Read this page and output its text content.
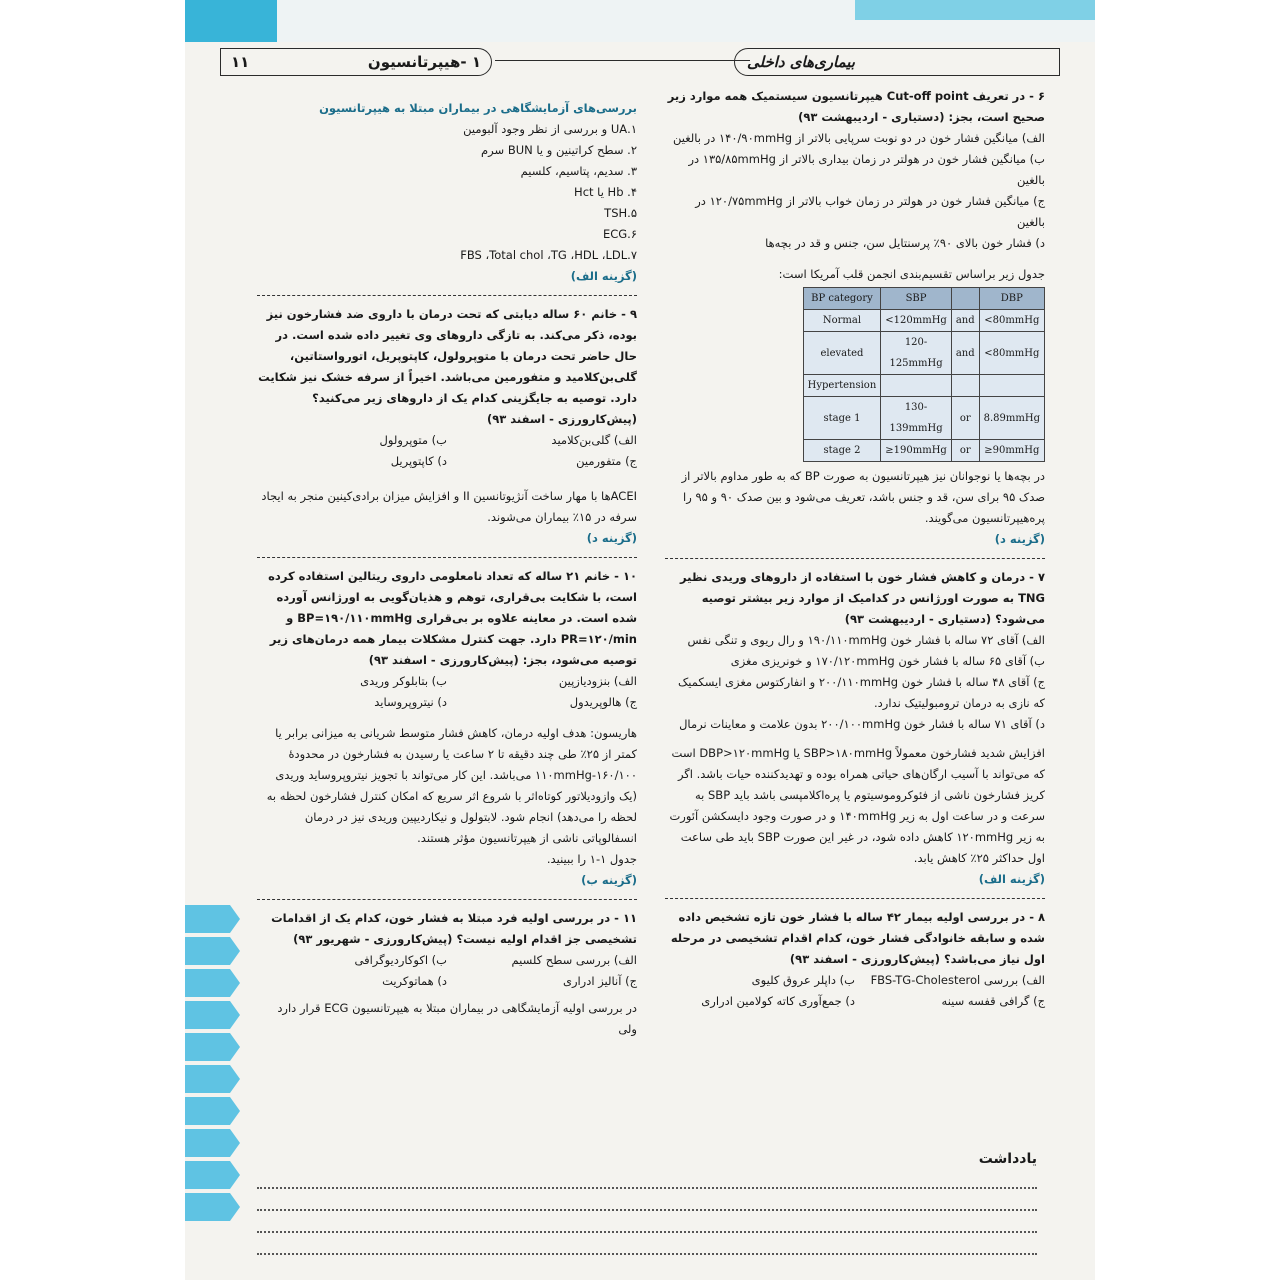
۱ -هیپرتانسیون
۱۱	بیماری‌های داخلی
۶ - در تعریف Cut-off point هیپرتانسیون سیستمیک همه موارد زیر صحیح است، بجز: (دستیاری - اردیبهشت ۹۳)
الف) میانگین فشار خون در دو نوبت سرپایی بالاتر از ۱۴۰/۹۰mmHg در بالغین
ب) میانگین فشار خون در هولتر در زمان بیداری بالاتر از ۱۳۵/۸۵mmHg در بالغین
ج) میانگین فشار خون در هولتر در زمان خواب بالاتر از ۱۲۰/۷۵mmHg در بالغین
د) فشار خون بالای ۹۰٪ پرسنتایل سن، جنس و قد در بچه‌ها
جدول زیر براساس تقسیم‌بندی انجمن قلب آمریکا است:
BP category	SBP		DBP
Normal	<120mmHg	and	<80mmHg
elevated	120-125mmHg	and	<80mmHg
Hypertension			
stage 1	130-139mmHg	or	8.89mmHg
stage 2	≥190mmHg	or	≥90mmHg
در بچه‌ها یا نوجوانان نیز هیپرتانسیون به صورت BP که به طور مداوم بالاتر از صدک ۹۵ برای سن، قد و جنس باشد، تعریف می‌شود و بین صدک ۹۰ و ۹۵ را پره‌هیپرتانسیون می‌گویند.
(گزینه د)
۷ - درمان و کاهش فشار خون با استفاده از داروهای وریدی نظیر TNG به صورت اورژانس در کدامیک از موارد زیر بیشتر توصیه می‌شود؟ (دستیاری - اردیبهشت ۹۳)
الف) آقای ۷۲ ساله با فشار خون ۱۹۰/۱۱۰mmHg و رال ریوی و تنگی نفس
ب) آقای ۶۵ ساله با فشار خون ۱۷۰/۱۲۰mmHg و خونریزی مغزی
ج) آقای ۴۸ ساله با فشار خون ۲۰۰/۱۱۰mmHg و انفارکتوس مغزی ایسکمیک که نازی به درمان ترومبولیتیک ندارد.
د) آقای ۷۱ ساله با فشار خون ۲۰۰/۱۰۰mmHg بدون علامت و معاینات نرمال
افزایش شدید فشارخون معمولاً SBP>۱۸۰mmHg یا DBP>۱۲۰mmHg است که می‌تواند با آسیب ارگان‌های حیاتی همراه بوده و تهدیدکننده حیات باشد. اگر کریز فشارخون ناشی از فئوکروموسیتوم یا پره‌اکلامپسی باشد باید SBP به سرعت و در ساعت اول به زیر ۱۴۰mmHg و در صورت وجود دایسکشن آئورت به زیر ۱۲۰mmHg کاهش داده شود، در غیر این صورت SBP باید طی ساعت اول حداکثر ۲۵٪ کاهش یابد.
(گزینه الف)
۸ - در بررسی اولیه بیمار ۴۲ ساله با فشار خون تازه تشخیص داده شده و سابقه خانوادگی فشار خون، کدام اقدام تشخیصی در مرحله اول نیاز می‌باشد؟ (پیش‌کارورزی - اسفند ۹۳)
الف) بررسی FBS-TG-Cholesterol
ب) داپلر عروق کلیوی
ج) گرافی قفسه سینه
د) جمع‌آوری کاته کولامین ادراری
بررسی‌های آزمایشگاهی در بیماران مبتلا به هیپرتانسیون
۱.UA و بررسی از نظر وجود آلبومین
۲. سطح کراتینین و یا BUN سرم
۳. سدیم، پتاسیم، کلسیم
۴. Hb یا Hct
۵.TSH
۶.ECG
۷.FBS ،Total chol ،TG ،HDL ،LDL
(گزینه الف)
۹ - خانم ۶۰ ساله دیابتی که تحت درمان با داروی ضد فشارخون نیز بوده، ذکر می‌کند. به تازگی داروهای وی تغییر داده شده است. در حال حاضر تحت درمان با متوپرولول، کاپتوپریل، اتورواستاتین، گلی‌بن‌کلامید و متفورمین می‌باشد. اخیراً از سرفه خشک نیز شکایت دارد. توصیه به جایگزینی کدام یک از داروهای زیر می‌کنید؟ (پیش‌کارورزی - اسفند ۹۳)
الف) گلی‌بن‌کلامید
ب) متوپرولول
ج) متفورمین
د) کاپتوپریل
ACEIها با مهار ساخت آنژیوتانسین II و افزایش میزان برادی‌کینین منجر به ایجاد سرفه در ۱۵٪ بیماران می‌شوند.
(گزینه د)
۱۰ - خانم ۲۱ ساله که تعداد نامعلومی داروی ریتالین استفاده کرده است، با شکایت بی‌قراری، توهم و هذیان‌گویی به اورژانس آورده شده است. در معاینه علاوه بر بی‌قراری BP=۱۹۰/۱۱۰mmHg و PR=۱۲۰/min دارد. جهت کنترل مشکلات بیمار همه درمان‌های زیر توصیه می‌شود، بجز: (پیش‌کارورزی - اسفند ۹۳)
الف) بنزودیازپین
ب) بتابلوکر وریدی
ج) هالوپریدول
د) نیتروپروساید
هاریسون: هدف اولیه درمان، کاهش فشار متوسط شریانی به میزانی برابر یا کمتر از ۲۵٪ طی چند دقیقه تا ۲ ساعت یا رسیدن به فشارخون در محدودهٔ ۱۶۰/۱۰۰-۱۱۰mmHg می‌باشد. این کار می‌تواند با تجویز نیتروپروساید وریدی (یک وازودیلاتور کوتاه‌اثر با شروع اثر سریع که امکان کنترل فشارخون لحظه به لحظه را می‌دهد) انجام شود. لابتولول و نیکاردیپین وریدی نیز در درمان انسفالوپاتی ناشی از هیپرتانسیون مؤثر هستند.
جدول ۱-۱ را ببینید.
(گزینه ب)
۱۱ - در بررسی اولیه فرد مبتلا به فشار خون، کدام یک از اقدامات تشخیصی جز اقدام اولیه نیست؟ (پیش‌کارورزی - شهریور ۹۳)
الف) بررسی سطح کلسیم
ب) اکوکاردیوگرافی
ج) آنالیز ادراری
د) هماتوکریت
در بررسی اولیه آزمایشگاهی در بیماران مبتلا به هیپرتانسیون ECG قرار دارد ولی
یادداشت
